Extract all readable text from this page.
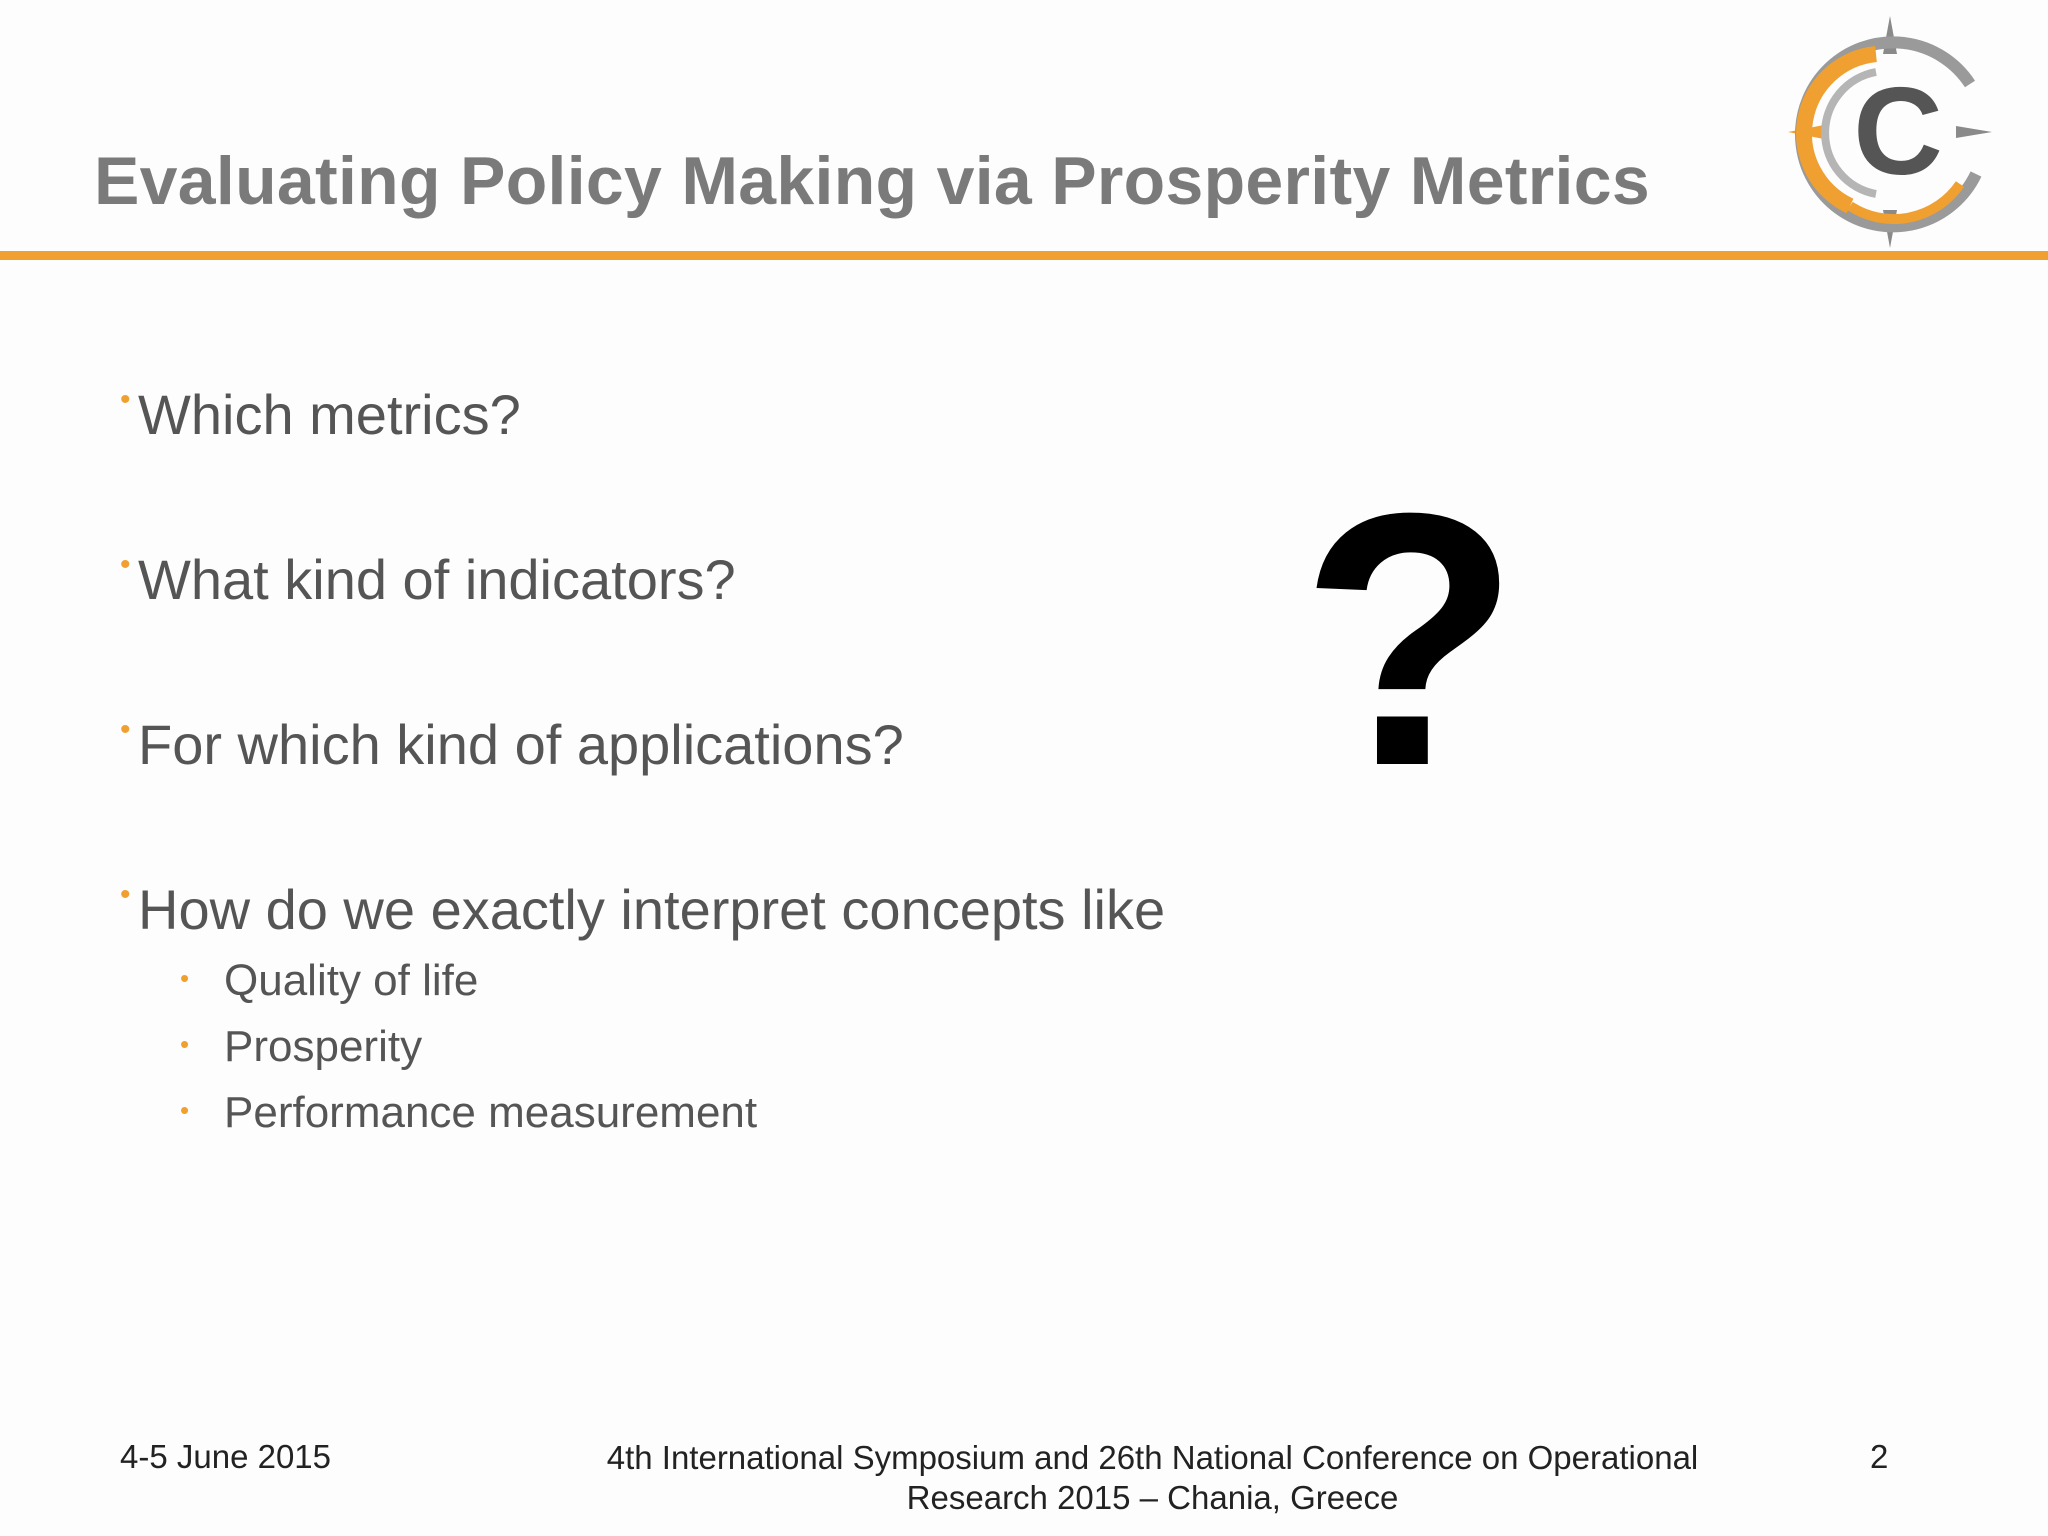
Evaluating Policy Making via Prosperity Metrics C
• Which metrics?
• What kind of indicators?
• For which kind of applications?
• How do we exactly interpret concepts like
• Quality of life
• Prosperity
• Performance measurement
?
4-5 June 2015	4th International Symposium and 26th National Conference on Operational
Research 2015 – Chania, Greece
2
